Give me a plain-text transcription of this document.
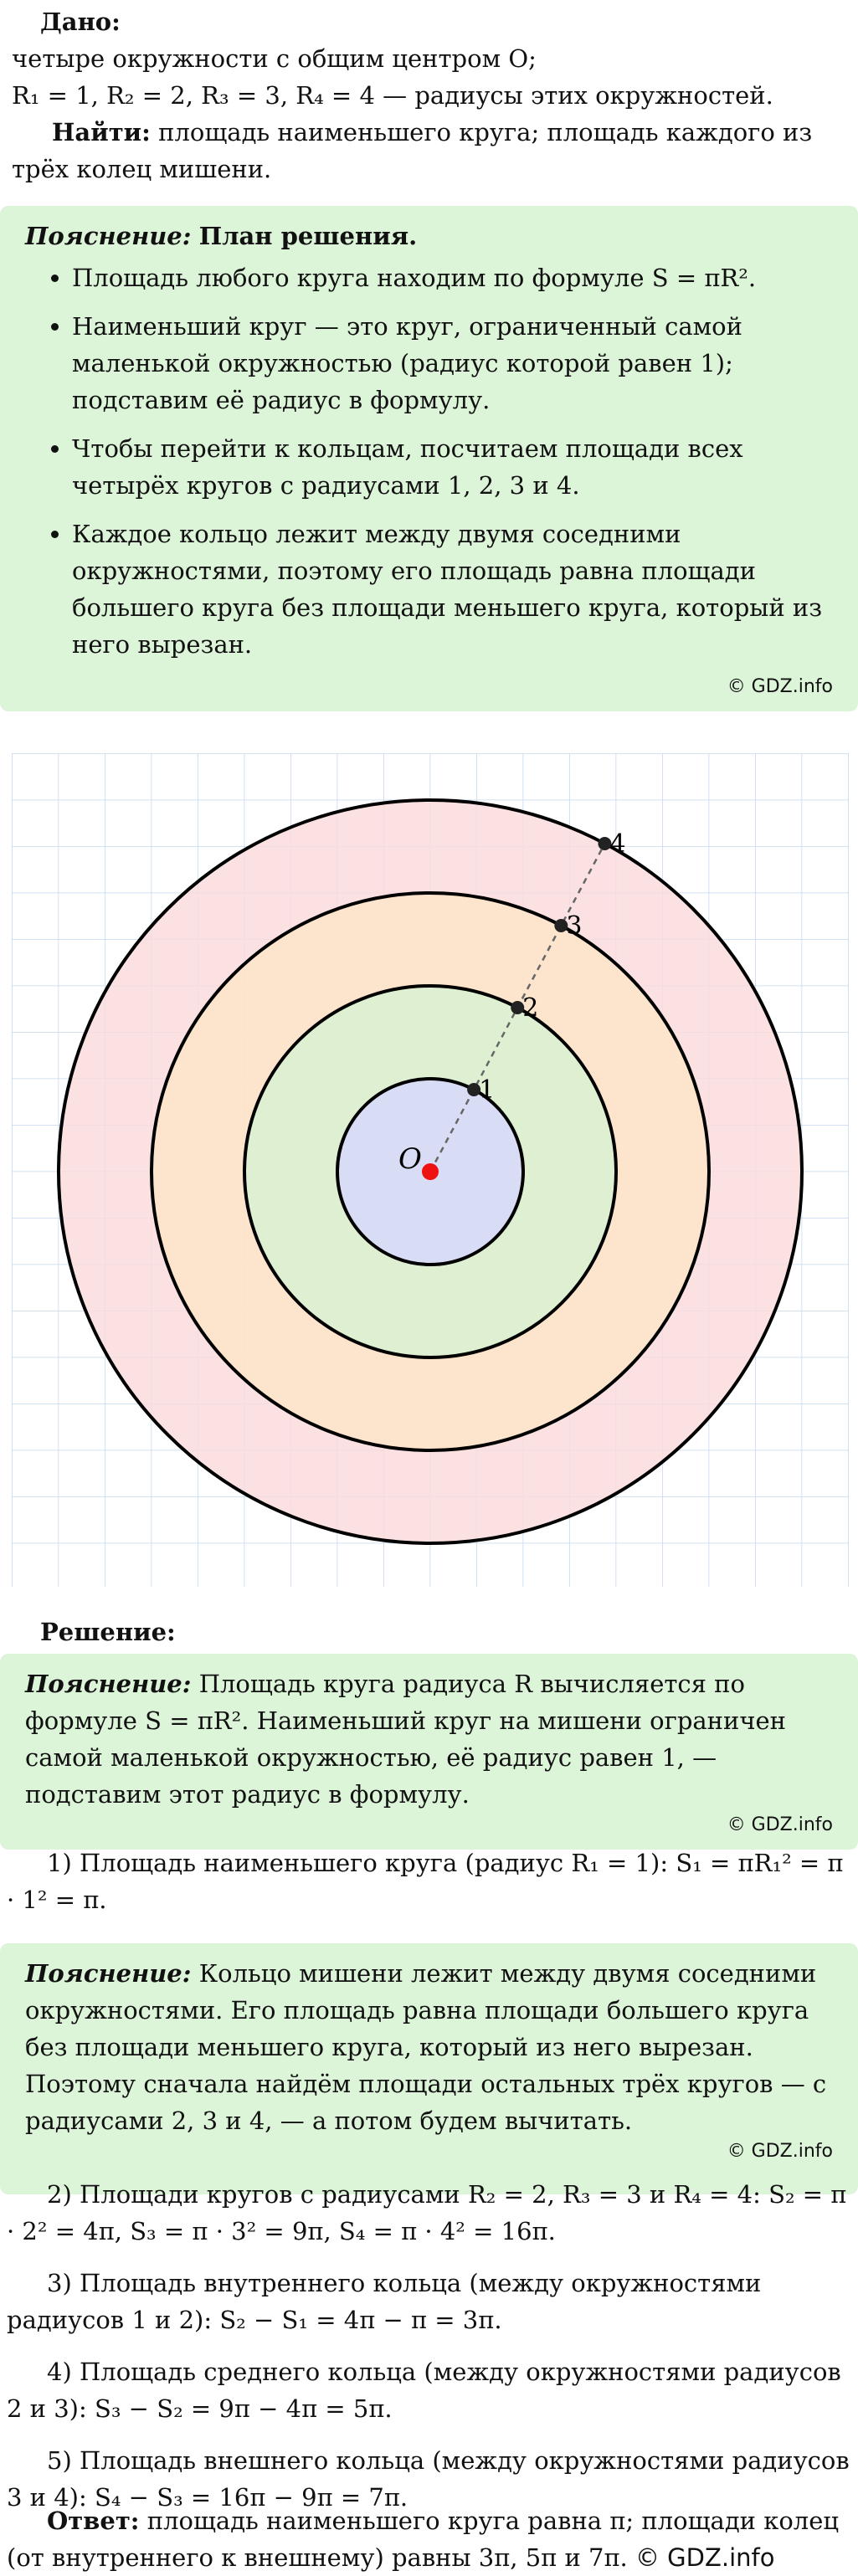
Дано:

четыре окружности с общим центром O;

R₁ = 1, R₂ = 2, R₃ = 3, R₄ = 4 — радиусы этих окружностей.

Найти: площадь наименьшего круга; площадь каждого из трёх колец мишени.

Пояснение: План решения.

• Площадь любого круга находим по формуле S = πR².
• Наименьший круг — это круг, ограниченный самой маленькой окружностью (радиус которой равен 1); подставим её радиус в формулу.
• Чтобы перейти к кольцам, посчитаем площади всех четырёх кругов с радиусами 1, 2, 3 и 4.
• Каждое кольцо лежит между двумя соседними окружностями, поэтому его площадь равна площади большего круга без площади меньшего круга, который из него вырезан.
© GDZ.info
1
2
3
4
O
Решение:

Пояснение: Площадь круга радиуса R вычисляется по формуле S = πR². Наименьший круг на мишени ограничен самой маленькой окружностью, её радиус равен 1, — подставим этот радиус в формулу.

© GDZ.info

1) Площадь наименьшего круга (радиус R₁ = 1): S₁ = πR₁² = π · 1² = π.

Пояснение: Кольцо мишени лежит между двумя соседними окружностями. Его площадь равна площади большего круга без площади меньшего круга, который из него вырезан. Поэтому сначала найдём площади остальных трёх кругов — с радиусами 2, 3 и 4, — а потом будем вычитать.

© GDZ.info

2) Площади кругов с радиусами R₂ = 2, R₃ = 3 и R₄ = 4: S₂ = π · 2² = 4π, S₃ = π · 3² = 9π, S₄ = π · 4² = 16π.

3) Площадь внутреннего кольца (между окружностями радиусов 1 и 2): S₂ − S₁ = 4π − π = 3π.

4) Площадь среднего кольца (между окружностями радиусов 2 и 3): S₃ − S₂ = 9π − 4π = 5π.

5) Площадь внешнего кольца (между окружностями радиусов 3 и 4): S₄ − S₃ = 16π − 9π = 7π.

Ответ: площадь наименьшего круга равна π; площади колец (от внутреннего к внешнему) равны 3π, 5π и 7π. © GDZ.info
